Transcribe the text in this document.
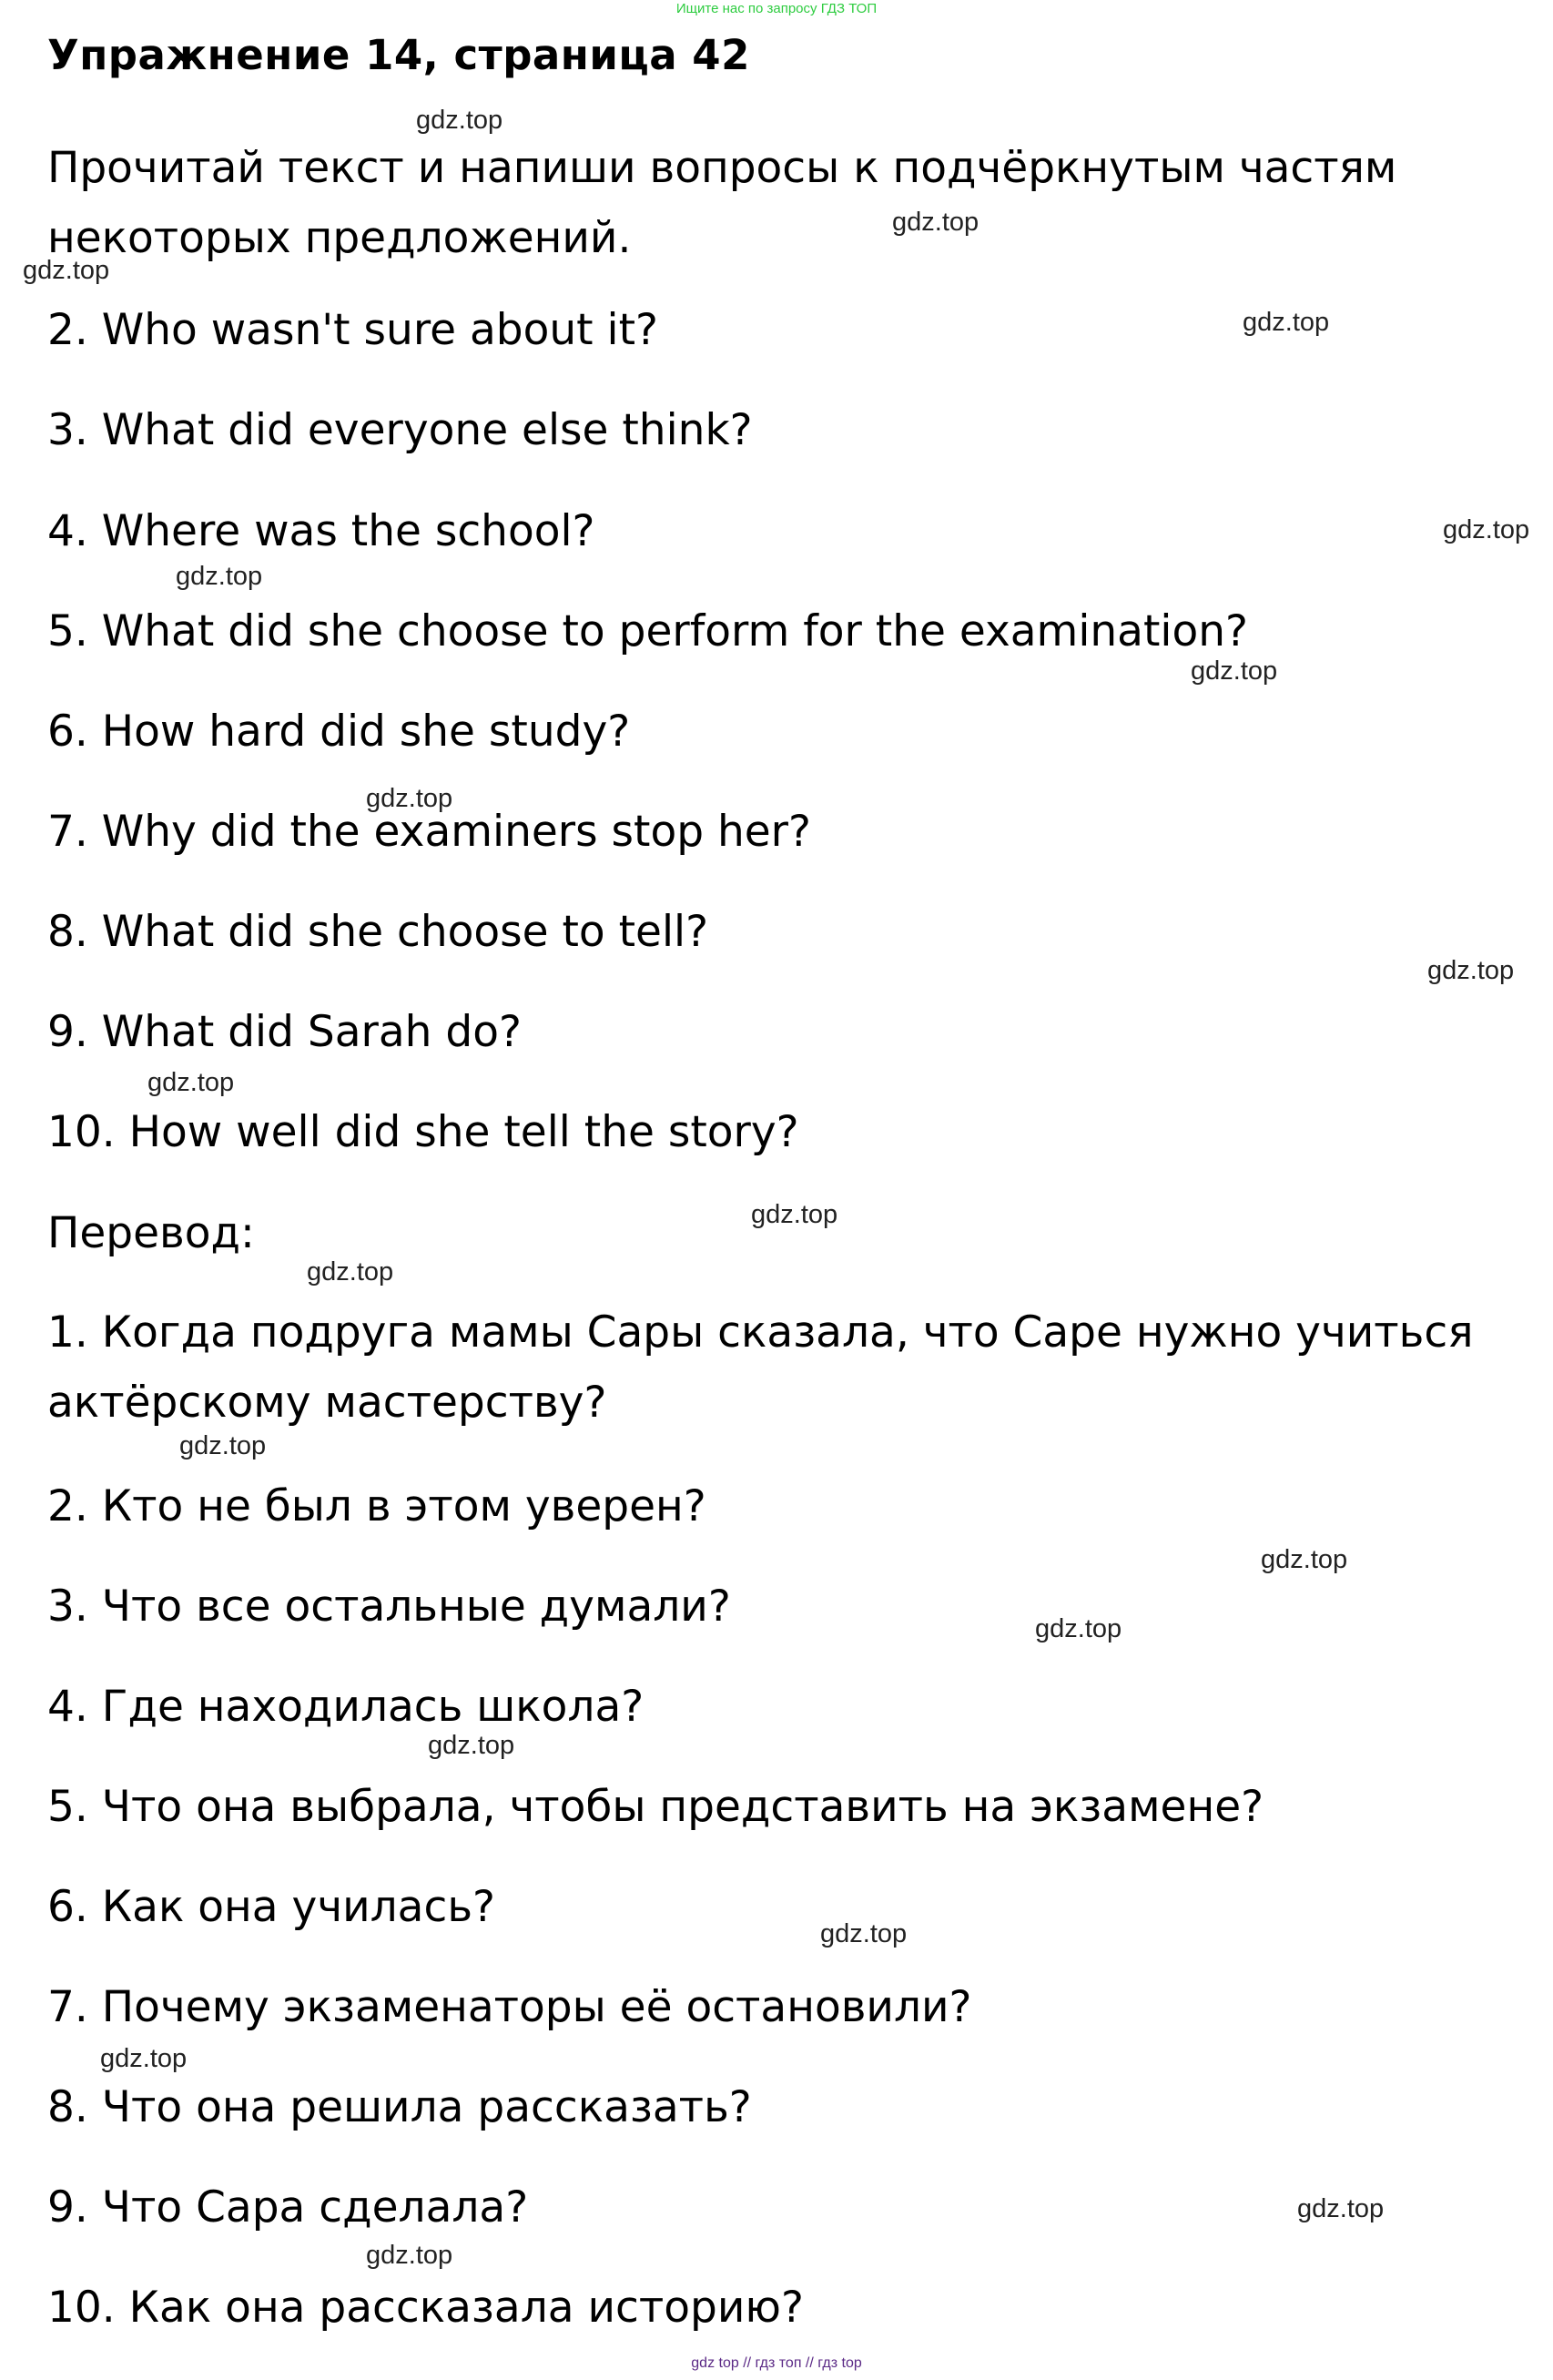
Ищите нас по запросу ГДЗ ТОП
Упражнение 14, страница 42

Прочитай текст и напиши вопросы к подчёркнутым частям некоторых предложений.

2. Who wasn't sure about it?

3. What did everyone else think?

4. Where was the school?

5. What did she choose to perform for the examination?

6. How hard did she study?

7. Why did the examiners stop her?

8. What did she choose to tell?

9. What did Sarah do?

10. How well did she tell the story?

Перевод:

1. Когда подруга мамы Сары сказала, что Саре нужно учиться актёрскому мастерству?

2. Кто не был в этом уверен?

3. Что все остальные думали?

4. Где находилась школа?

5. Что она выбрала, чтобы представить на экзамене?

6. Как она училась?

7. Почему экзаменаторы её остановили?

8. Что она решила рассказать?

9. Что Сара сделала?

10. Как она рассказала историю?

gdz.top
gdz.top
gdz.top
gdz.top
gdz.top
gdz.top
gdz.top
gdz.top
gdz.top
gdz.top
gdz.top
gdz.top
gdz.top
gdz.top
gdz.top
gdz.top
gdz.top
gdz.top
gdz.top
gdz.top
gdz top // гдз топ // гдз top
